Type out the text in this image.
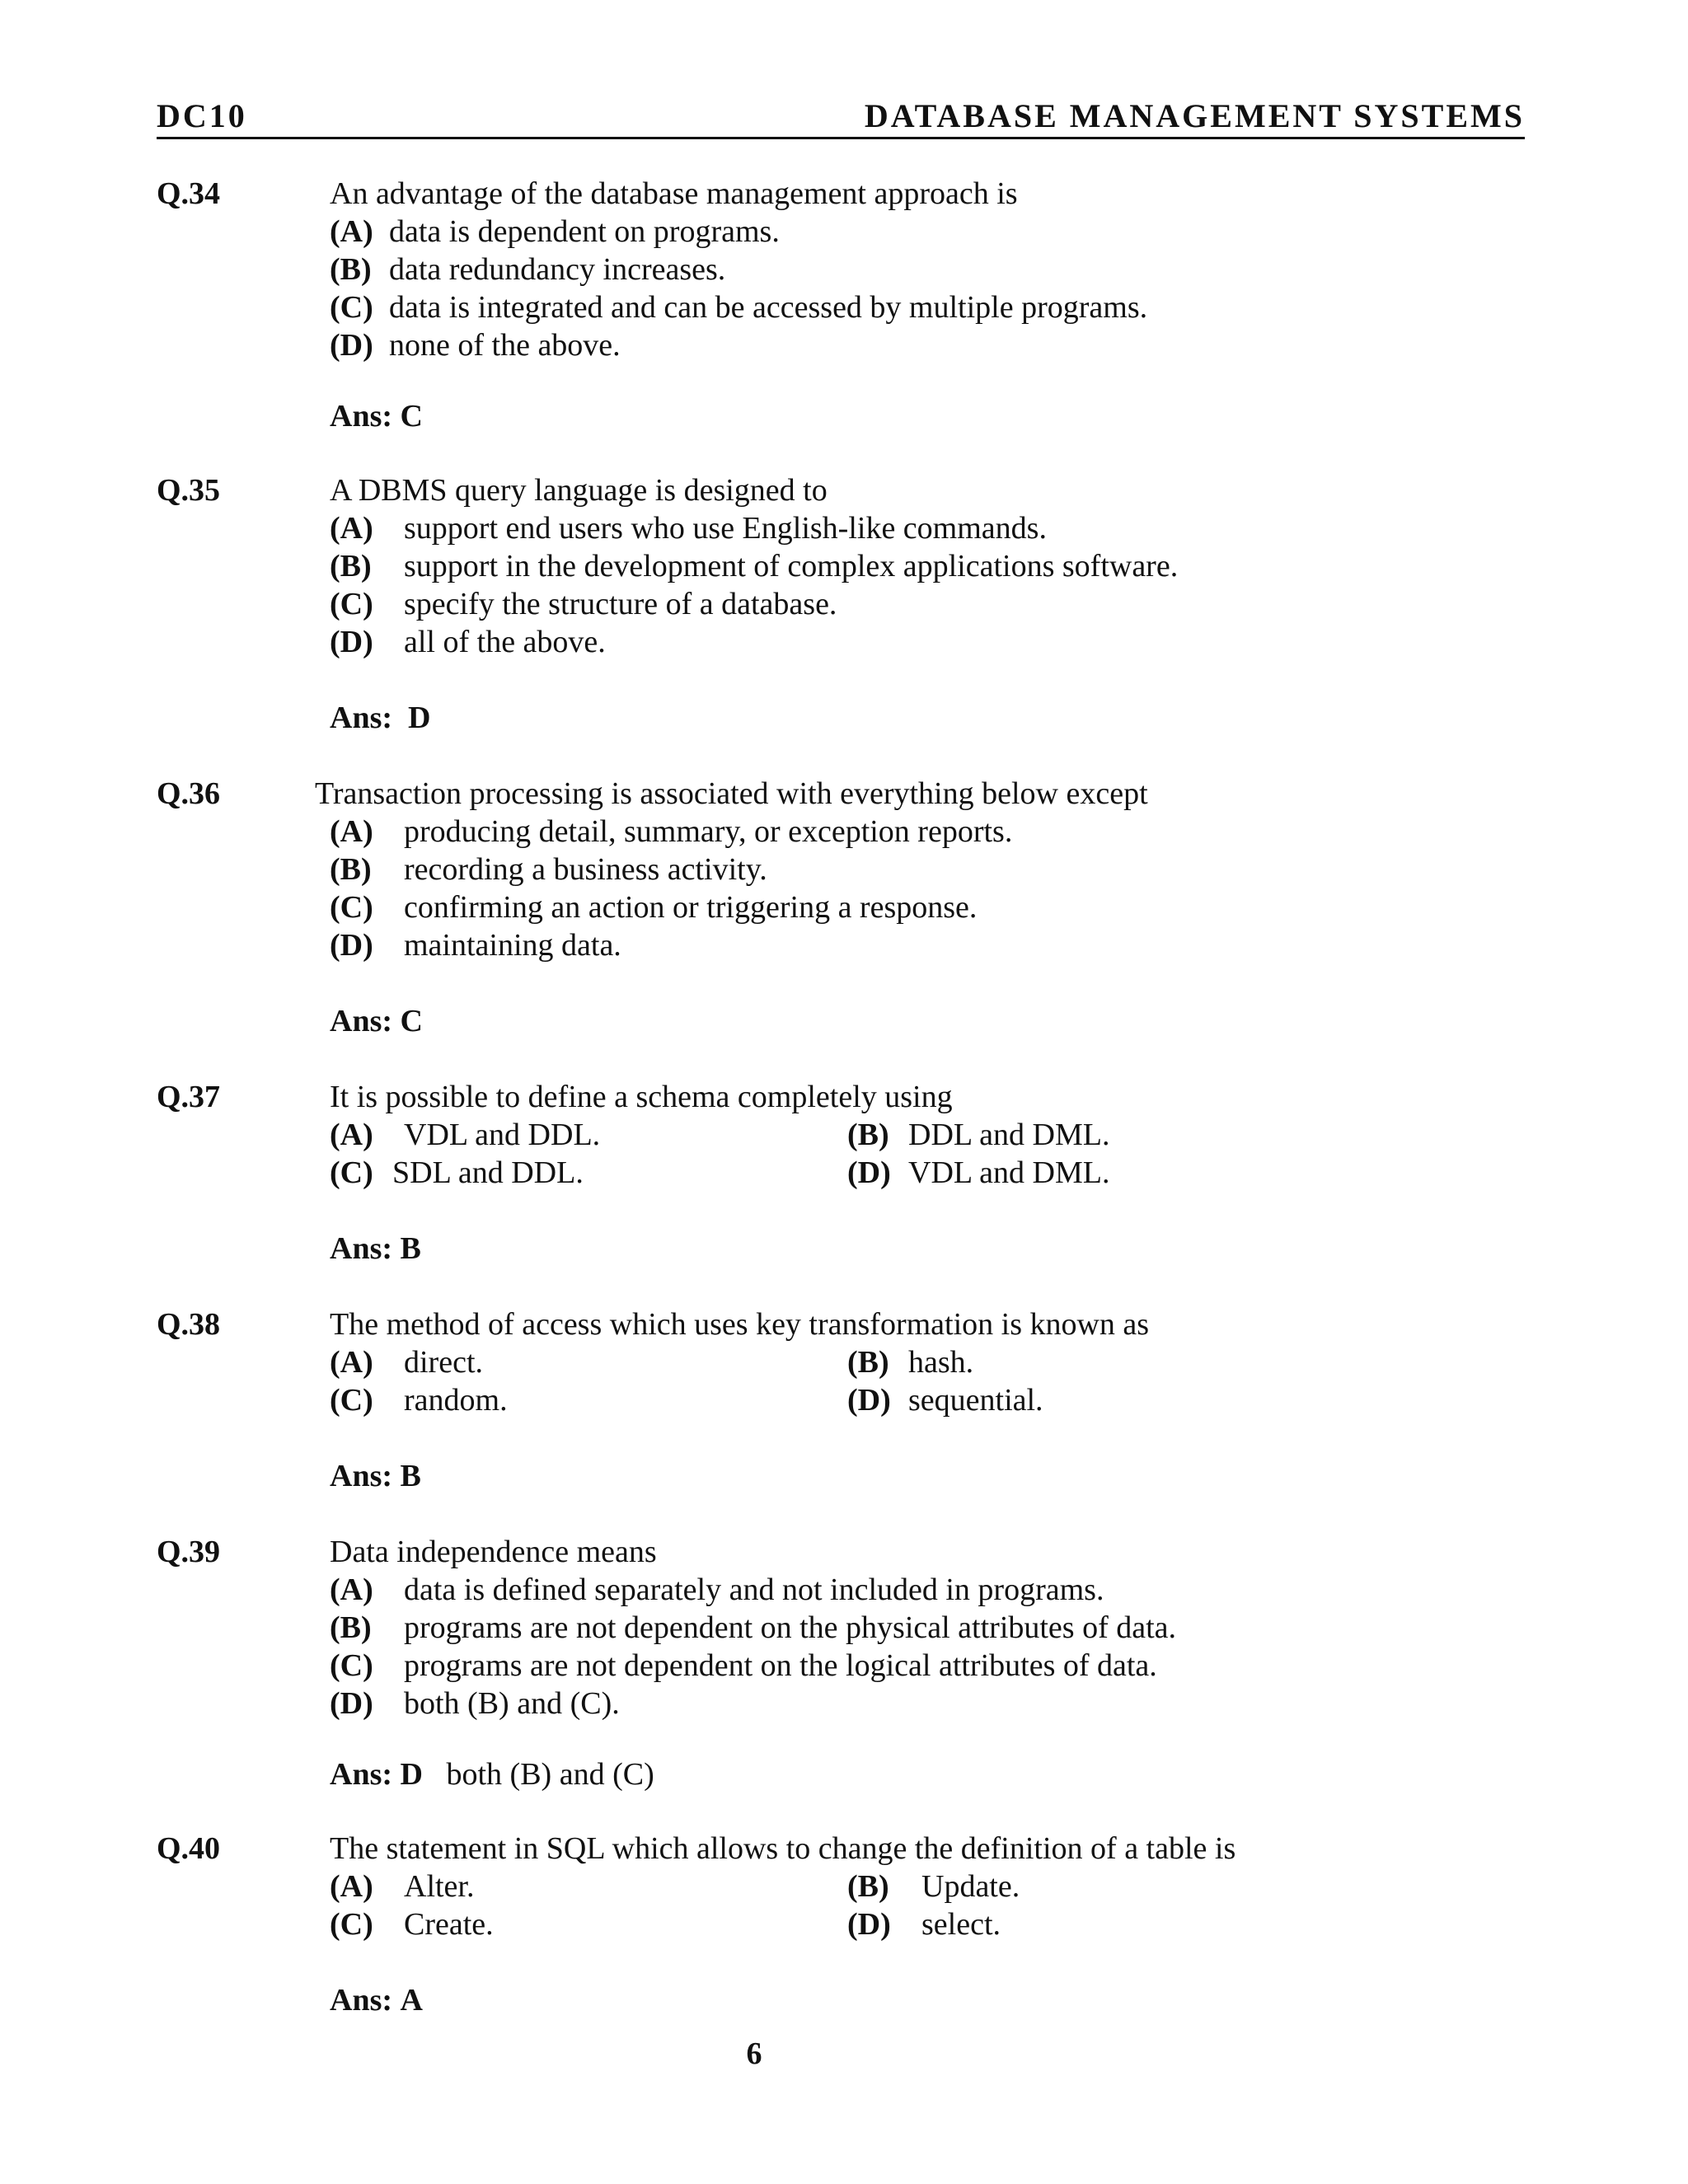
DC10	DATABASE MANAGEMENT SYSTEMS
Q.34	An advantage of the database management approach is
(A) data is dependent on programs.
(B) data redundancy increases.
(C) data is integrated and can be accessed by multiple programs.
(D) none of the above.
Ans: C
Q.35	A DBMS query language is designed to
(A) support end users who use English-like commands.
(B) support in the development of complex applications software.
(C) specify the structure of a database.
(D) all of the above.
Ans: D
Q.36	Transaction processing is associated with everything below except
(A) producing detail, summary, or exception reports.
(B) recording a business activity.
(C) confirming an action or triggering a response.
(D) maintaining data.
Ans: C
Q.37	It is possible to define a schema completely using
(A) VDL and DDL.	(B) DDL and DML.
(C) SDL and DDL.	(D) VDL and DML.
Ans: B
Q.38	The method of access which uses key transformation is known as
(A) direct.	(B) hash.
(C) random.	(D) sequential.
Ans: B
Q.39	Data independence means
(A) data is defined separately and not included in programs.
(B) programs are not dependent on the physical attributes of data.
(C) programs are not dependent on the logical attributes of data.
(D) both (B) and (C).
Ans: D both (B) and (C)
Q.40	The statement in SQL which allows to change the definition of a table is
(A) Alter.	(B) Update.
(C) Create.	(D) select.
Ans: A
6
